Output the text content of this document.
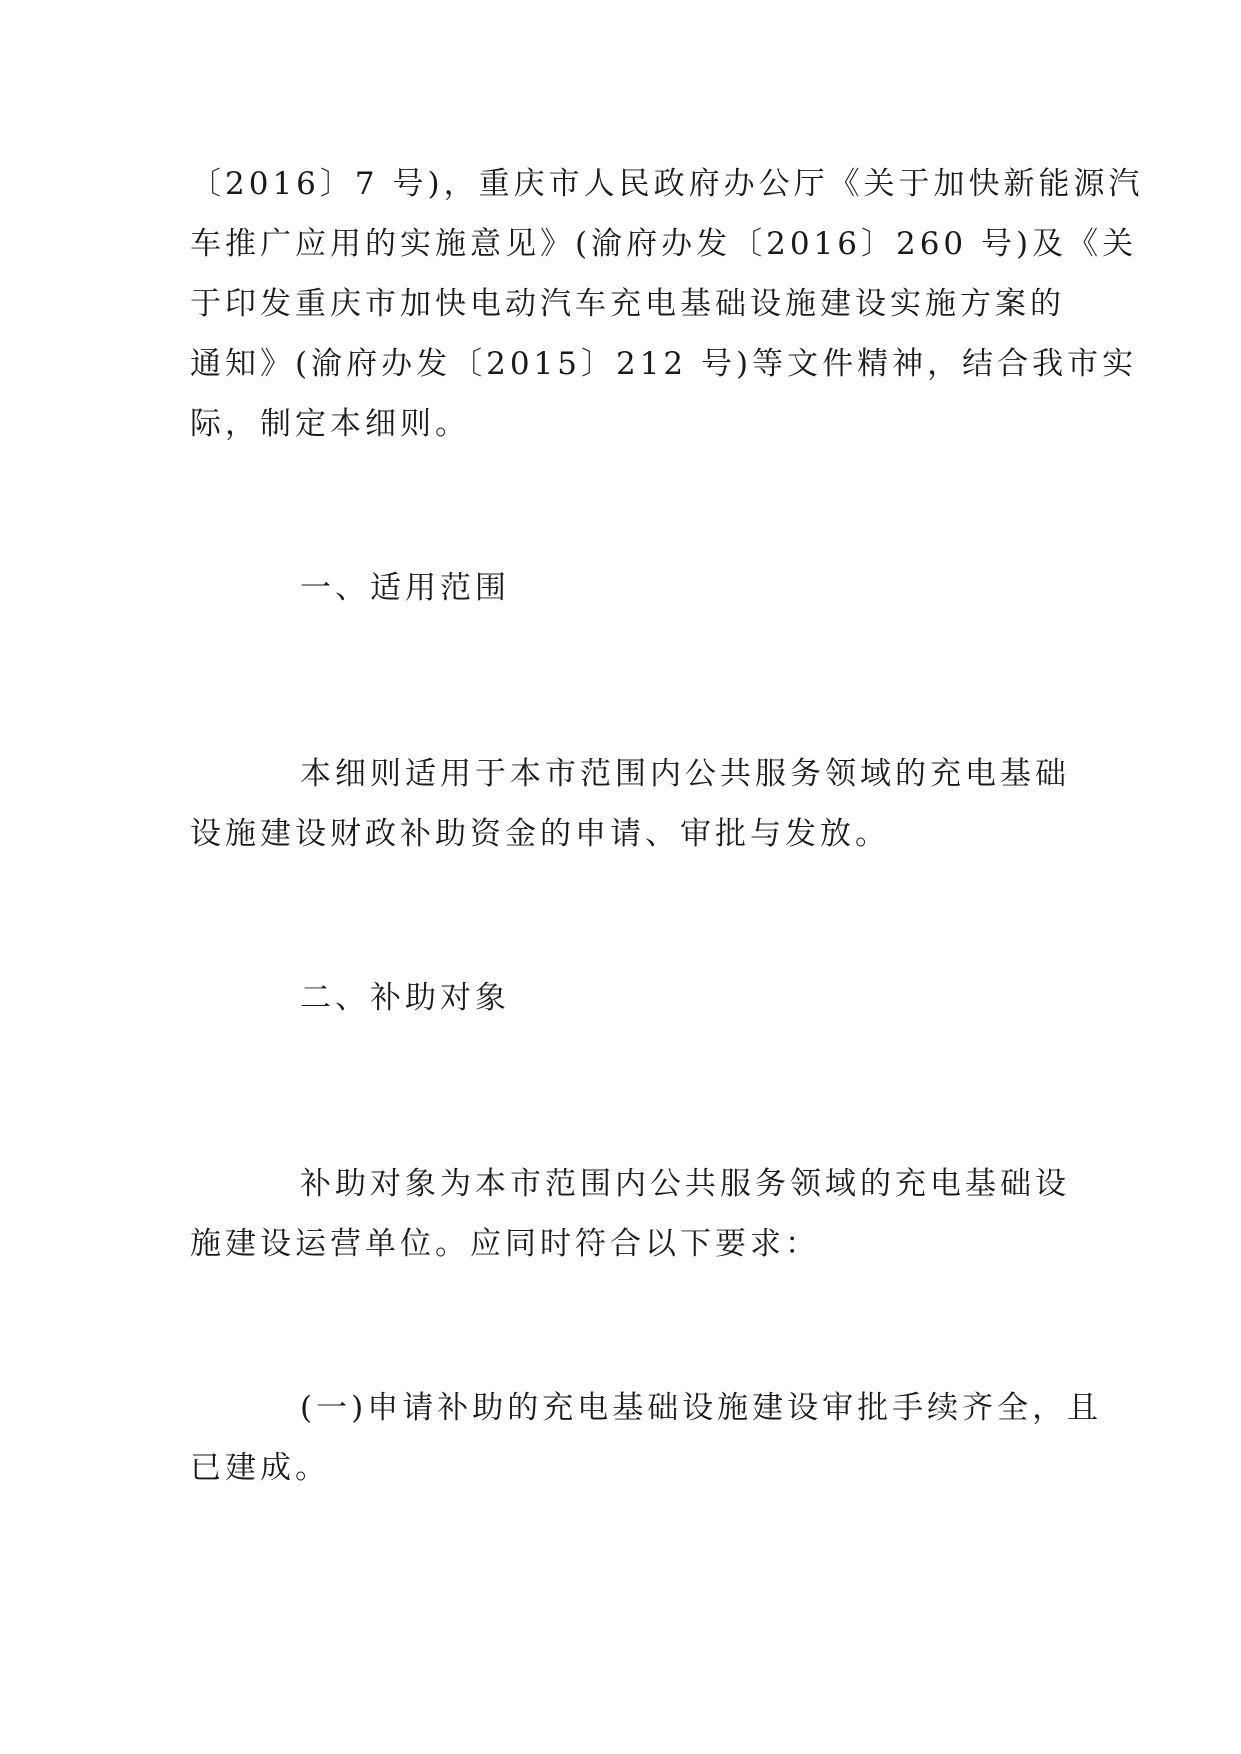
〔2016〕7 号)，重庆市人民政府办公厅《关于加快新能源汽
车推广应用的实施意见》(渝府办发〔2016〕260 号)及《关
于印发重庆市加快电动汽车充电基础设施建设实施方案的
通知》(渝府办发〔2015〕212 号)等文件精神，结合我市实
际，制定本细则。
一、适用范围
本细则适用于本市范围内公共服务领域的充电基础
设施建设财政补助资金的申请、审批与发放。
二、补助对象
补助对象为本市范围内公共服务领域的充电基础设
施建设运营单位。应同时符合以下要求：
(一)申请补助的充电基础设施建设审批手续齐全，且
已建成。
